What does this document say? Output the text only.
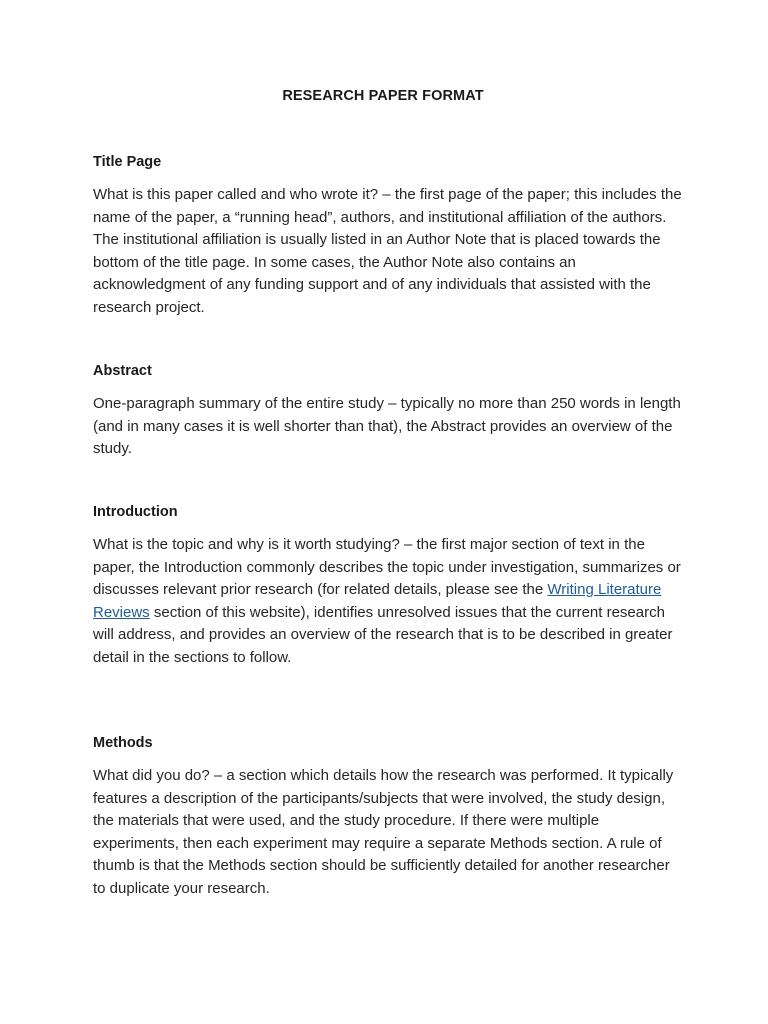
RESEARCH PAPER FORMAT
Title Page

What is this paper called and who wrote it? – the first page of the paper; this includes the name of the paper, a “running head”, authors, and institutional affiliation of the authors. The institutional affiliation is usually listed in an Author Note that is placed towards the bottom of the title page. In some cases, the Author Note also contains an acknowledgment of any funding support and of any individuals that assisted with the research project.

Abstract

One-paragraph summary of the entire study – typically no more than 250 words in length (and in many cases it is well shorter than that), the Abstract provides an overview of the study.

Introduction

What is the topic and why is it worth studying? – the first major section of text in the paper, the Introduction commonly describes the topic under investigation, summarizes or discusses relevant prior research (for related details, please see the Writing Literature Reviews section of this website), identifies unresolved issues that the current research will address, and provides an overview of the research that is to be described in greater detail in the sections to follow.

Methods

What did you do? – a section which details how the research was performed. It typically features a description of the participants/subjects that were involved, the study design, the materials that were used, and the study procedure. If there were multiple experiments, then each experiment may require a separate Methods section. A rule of thumb is that the Methods section should be sufficiently detailed for another researcher to duplicate your research.
